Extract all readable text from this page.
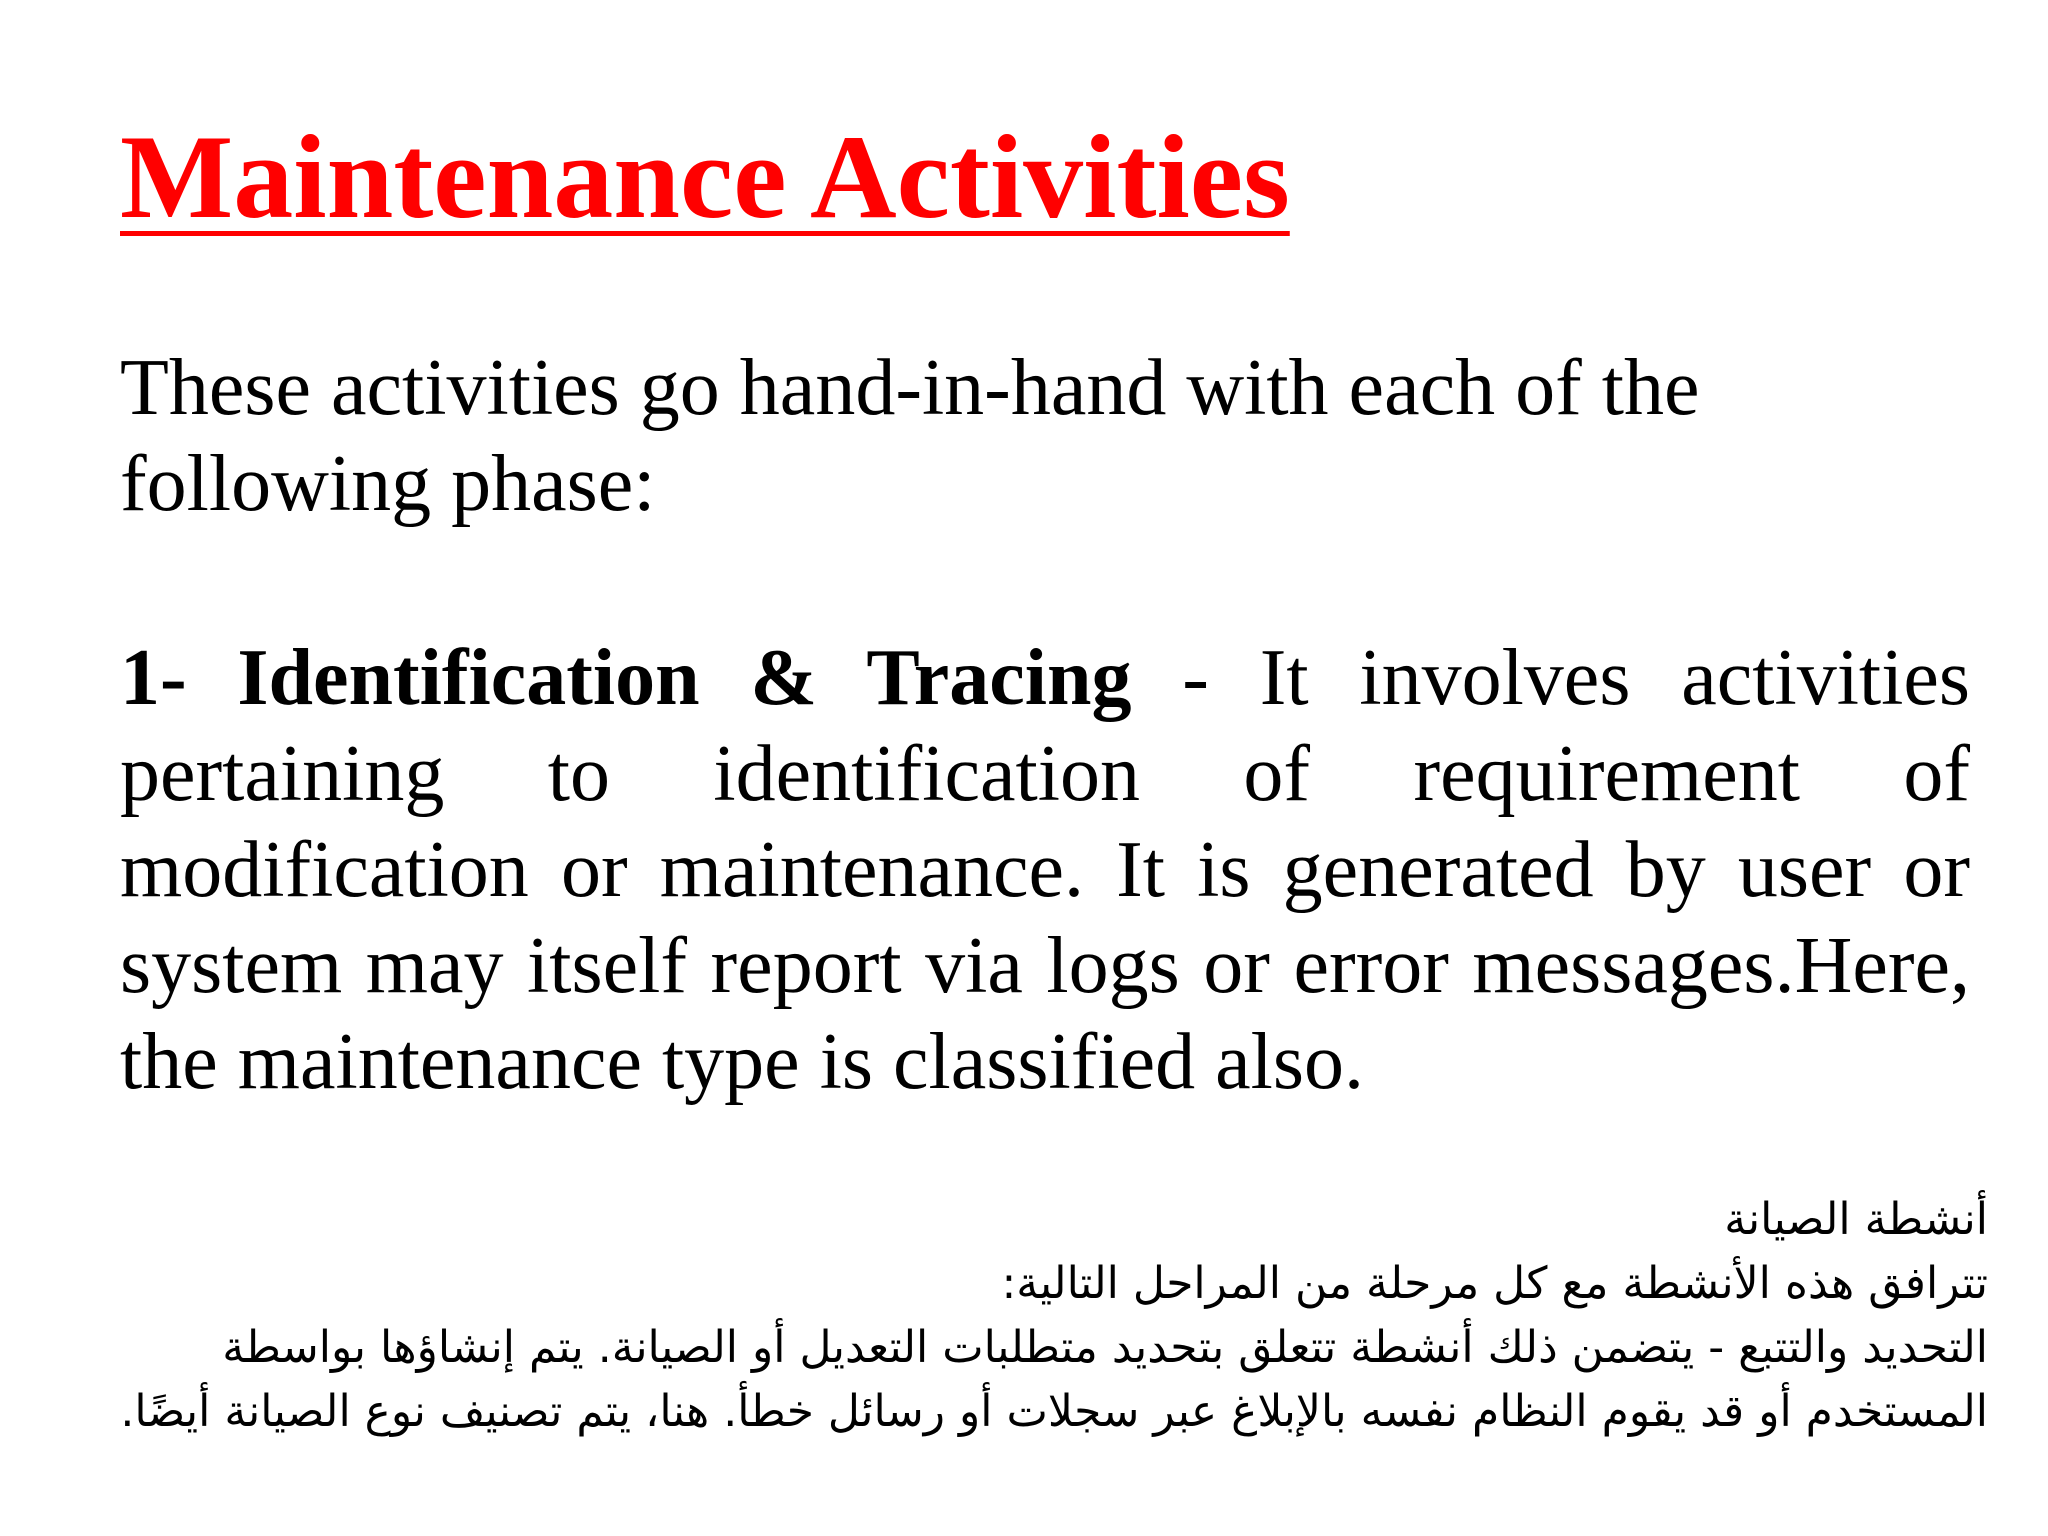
Maintenance Activities

These activities go hand-in-hand with each of the following phase:

1- Identification & Tracing - It involves activities pertaining to identification of requirement of modification or maintenance. It is generated by user or system may itself report via logs or error messages.Here, the maintenance type is classified also.

أنشطة الصيانة
تترافق هذه الأنشطة مع كل مرحلة من المراحل التالية:
التحديد والتتبع - يتضمن ذلك أنشطة تتعلق بتحديد متطلبات التعديل أو الصيانة. يتم إنشاؤها بواسطة المستخدم أو قد يقوم النظام نفسه بالإبلاغ عبر سجلات أو رسائل خطأ. هنا، يتم تصنيف نوع الصيانة أيضًا.
